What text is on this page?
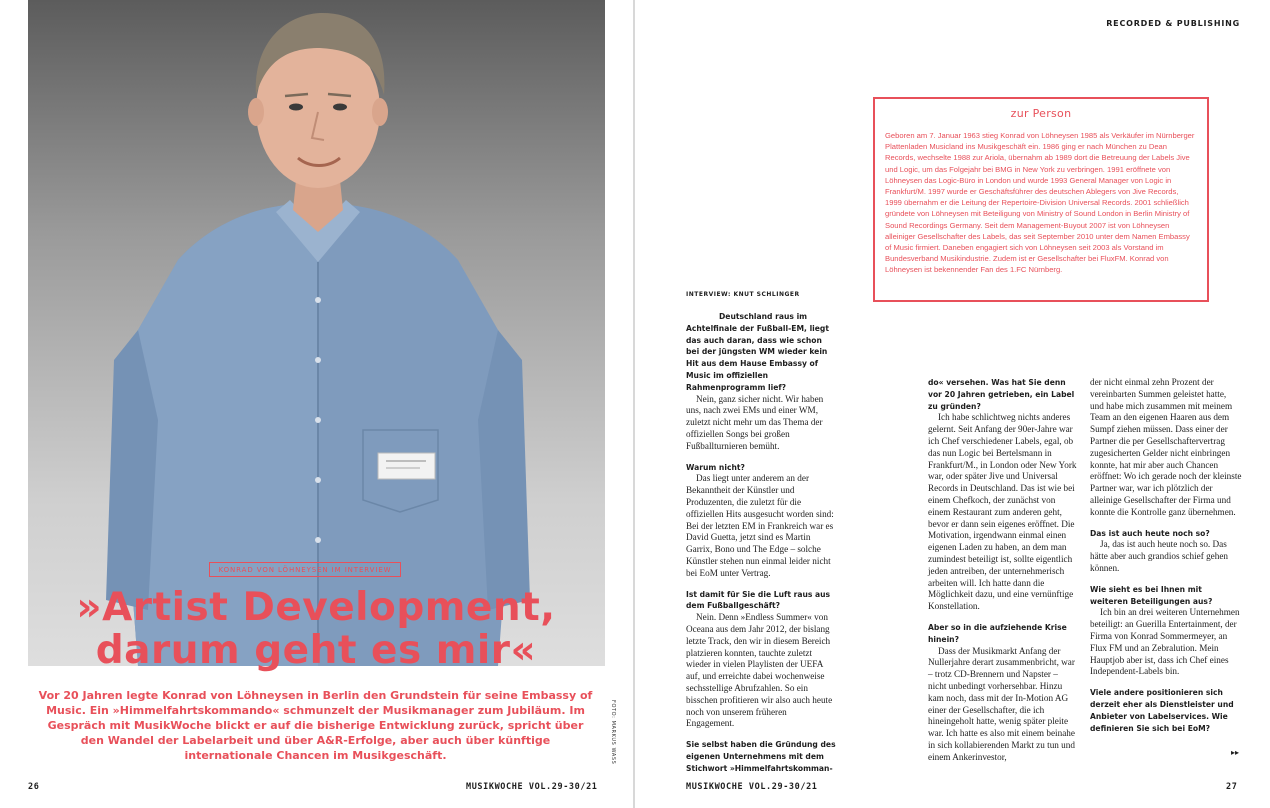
FOTO: MARKUS WASS
KONRAD VON LÖHNEYSEN IM INTERVIEW
»Artist Development,
darum geht es mir«
Vor 20 Jahren legte Konrad von Löhneysen in Berlin den Grundstein für seine Embassy of Music. Ein »Himmelfahrtskommando« schmunzelt der Musikmanager zum Jubiläum. Im Gespräch mit MusikWoche blickt er auf die bisherige Entwicklung zurück, spricht über den Wandel der Labelarbeit und über A&R-Erfolge, aber auch über künftige internationale Chancen im Musikgeschäft.
26	MUSIKWOCHE VOL.29-30/21
RECORDED & PUBLISHING
zur Person
Geboren am 7. Januar 1963 stieg Konrad von Löhneysen 1985 als Verkäufer im Nürnberger Plattenladen Musicland ins Musikgeschäft ein. 1986 ging er nach München zu Dean Records, wechselte 1988 zur Ariola, übernahm ab 1989 dort die Betreuung der Labels Jive und Logic, um das Folgejahr bei BMG in New York zu verbringen. 1991 eröffnete von Löhneysen das Logic-Büro in London und wurde 1993 General Manager von Logic in Frankfurt/M. 1997 wurde er Geschäftsführer des deutschen Ablegers von Jive Records, 1999 übernahm er die Leitung der Repertoire-Division Universal Records. 2001 schließlich gründete von Löhneysen mit Beteiligung von Ministry of Sound London in Berlin Ministry of Sound Recordings Germany. Seit dem Management-Buyout 2007 ist von Löhneysen alleiniger Gesellschafter des Labels, das seit September 2010 unter dem Namen Embassy of Music firmiert. Daneben engagiert sich von Löhneysen seit 2003 als Vorstand im Bundesverband Musikindustrie. Zudem ist er Gesellschafter bei FluxFM. Konrad von Löhneysen ist bekennender Fan des 1.FC Nürnberg.
INTERVIEW: KNUT SCHLINGER
Deutschland raus im Achtelfinale der Fußball-EM, liegt das auch daran, dass wie schon bei der jüngsten WM wieder kein Hit aus dem Hause Embassy of Music im offiziellen Rahmenprogramm lief?

Nein, ganz sicher nicht. Wir haben uns, nach zwei EMs und einer WM, zuletzt nicht mehr um das Thema der offiziellen Songs bei großen Fußballturnieren bemüht.

Warum nicht?

Das liegt unter anderem an der Bekanntheit der Künstler und Produzenten, die zuletzt für die offiziellen Hits ausgesucht worden sind: Bei der letzten EM in Frankreich war es David Guetta, jetzt sind es Martin Garrix, Bono und The Edge – solche Künstler stehen nun einmal leider nicht bei EoM unter Vertrag.

Ist damit für Sie die Luft raus aus dem Fußballgeschäft?

Nein. Denn »Endless Summer« von Oceana aus dem Jahr 2012, der bislang letzte Track, den wir in diesem Bereich platzieren konnten, tauchte zuletzt wieder in vielen Playlisten der UEFA auf, und erreichte dabei wochenweise sechsstellige Abrufzahlen. So ein bisschen profitieren wir also auch heute noch von unserem früheren Engagement.

Sie selbst haben die Gründung des eigenen Unternehmens mit dem Stichwort »Himmelfahrtskomman-

do« versehen. Was hat Sie denn vor 20 Jahren getrieben, ein Label zu gründen?

Ich habe schlichtweg nichts anderes gelernt. Seit Anfang der 90er-Jahre war ich Chef verschiedener Labels, egal, ob das nun Logic bei Bertelsmann in Frankfurt/M., in London oder New York war, oder später Jive und Universal Records in Deutschland. Das ist wie bei einem Chefkoch, der zunächst von einem Restaurant zum anderen geht, bevor er dann sein eigenes eröffnet. Die Motivation, irgendwann einmal einen eigenen Laden zu haben, an dem man zumindest beteiligt ist, sollte eigentlich jeden antreiben, der unternehmerisch arbeiten will. Ich hatte dann die Möglichkeit dazu, und eine vernünftige Konstellation.

Aber so in die aufziehende Krise hinein?

Dass der Musikmarkt Anfang der Nullerjahre derart zusammenbricht, war – trotz CD-Brennern und Napster – nicht unbedingt vorhersehbar. Hinzu kam noch, dass mit der In-Motion AG einer der Gesellschafter, die ich hineingeholt hatte, wenig später pleite war. Ich hatte es also mit einem beinahe in sich kollabierenden Markt zu tun und einem Ankerinvestor,

der nicht einmal zehn Prozent der vereinbarten Summen geleistet hatte, und habe mich zusammen mit meinem Team an den eigenen Haaren aus dem Sumpf ziehen müssen. Dass einer der Partner die per Gesellschaftervertrag zugesicherten Gelder nicht einbringen konnte, hat mir aber auch Chancen eröffnet: Wo ich gerade noch der kleinste Partner war, war ich plötzlich der alleinige Gesellschafter der Firma und konnte die Kontrolle ganz übernehmen.

Das ist auch heute noch so?

Ja, das ist auch heute noch so. Das hätte aber auch grandios schief gehen können.

Wie sieht es bei Ihnen mit weiteren Beteiligungen aus?

Ich bin an drei weiteren Unternehmen beteiligt: an Guerilla Entertainment, der Firma von Konrad Sommermeyer, an Flux FM und an Zebralution. Mein Hauptjob aber ist, dass ich Chef eines Independent-Labels bin.

Viele andere positionieren sich derzeit eher als Dienstleister und Anbieter von Labelservices. Wie definieren Sie sich bei EoM?

▸▸
MUSIKWOCHE VOL.29-30/21	27
